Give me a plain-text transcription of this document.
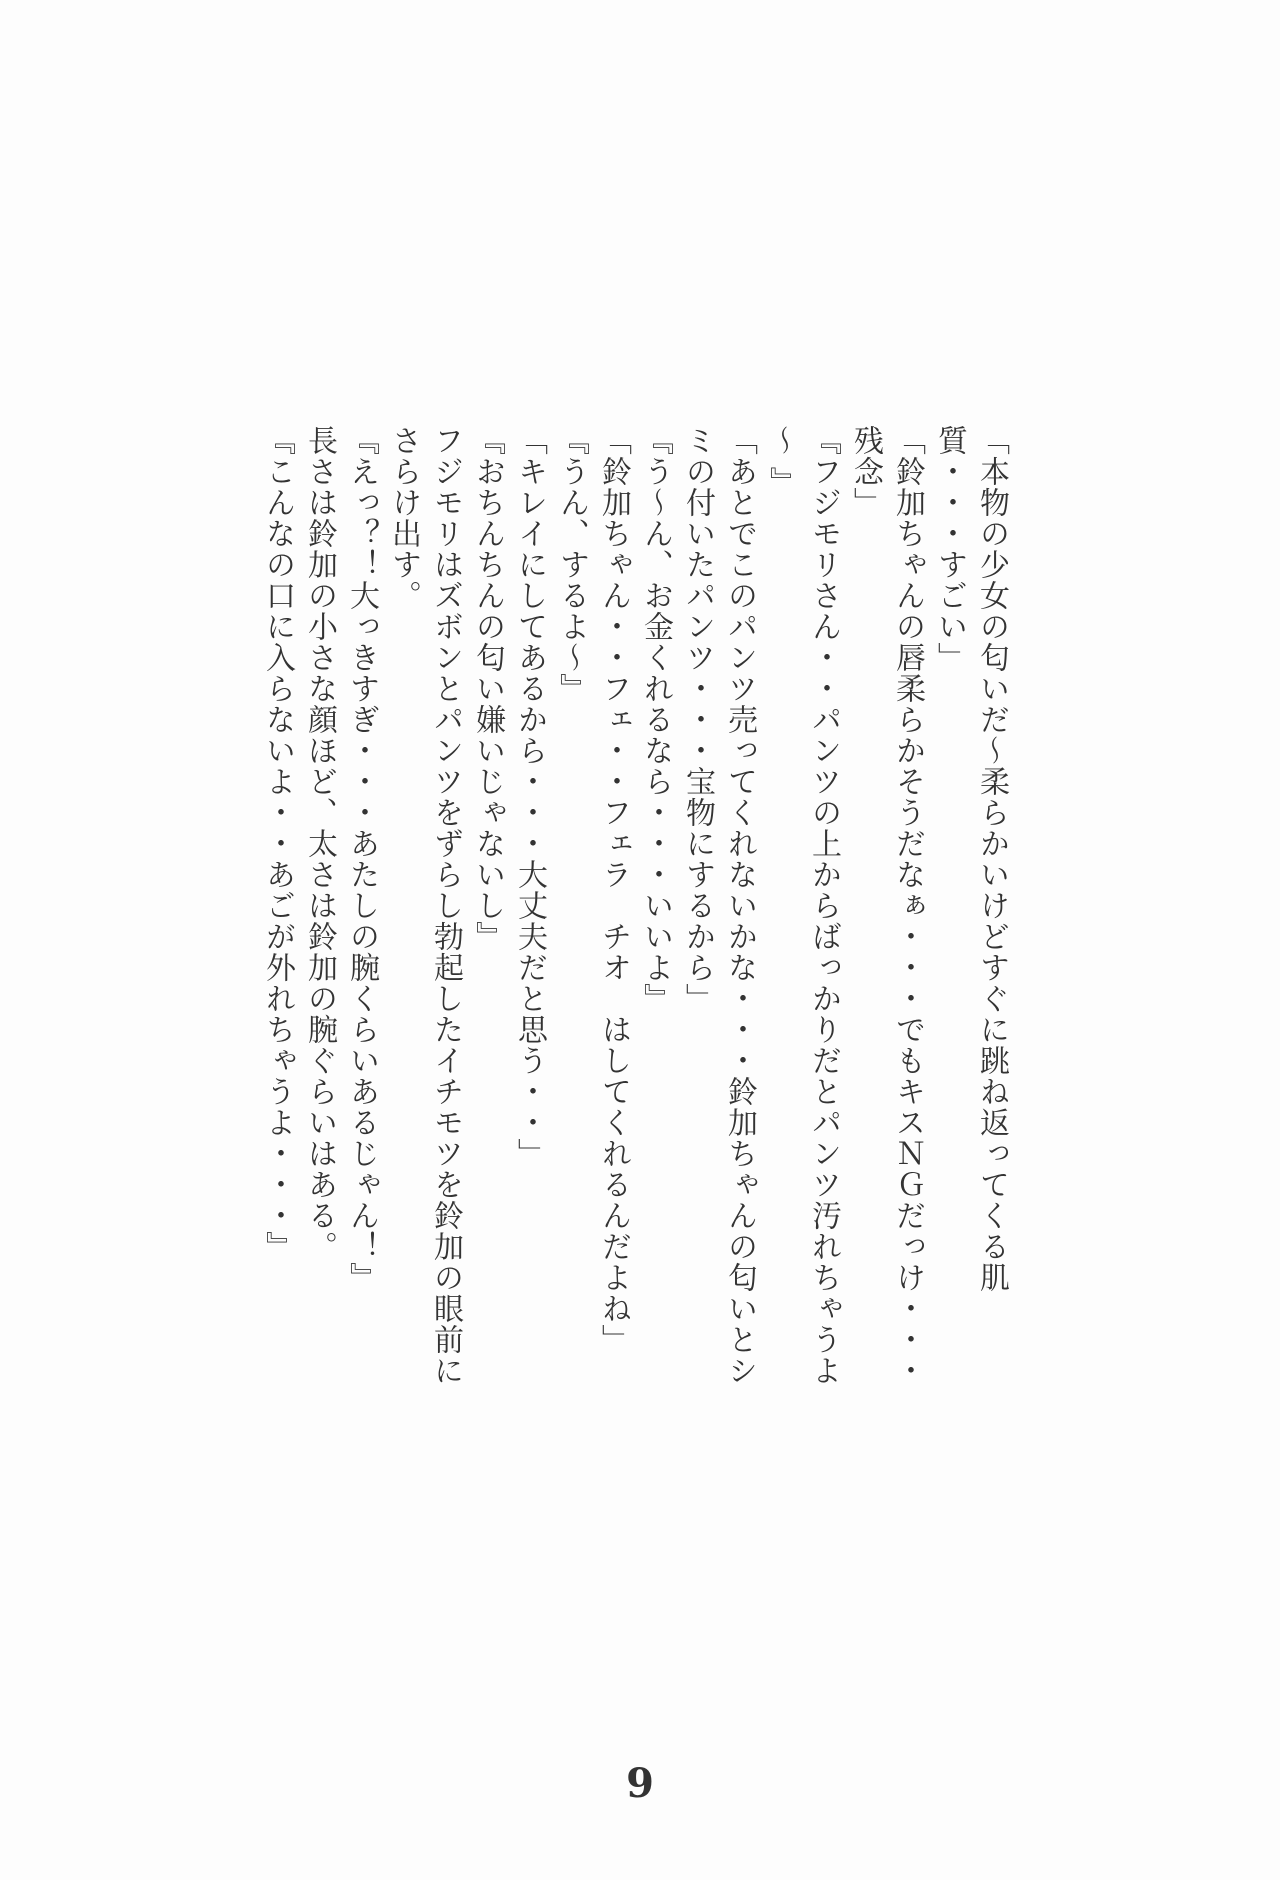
「本物の少女の匂いだ～柔らかいけどすぐに跳ね返ってくる肌質・・・すごい」
「鈴加ちゃんの唇柔らかそうだなぁ・・・でもキスＮＧだっけ・・・残念」
『フジモリさん・・パンツの上からばっかりだとパンツ汚れちゃうよ～ 』
「あとでこのパンツ売ってくれないかな・・・鈴加ちゃんの匂いとシミの付いたパンツ・・・宝物にするから」
『う～ん、お金くれるなら・・・いいよ』
「鈴加ちゃん・・フェ・・フェラ　チオ　はしてくれるんだよね」
『うん、するよ～』
「キレイにしてあるから・・・大丈夫だと思う・・」
『おちんちんの匂い嫌いじゃないし』
フジモリはズボンとパンツをずらし勃起したイチモツを鈴加の眼前にさらけ出す。
『えっ？！大っきすぎ・・・あたしの腕くらいあるじゃん！』
長さは鈴加の小さな顔ほど、太さは鈴加の腕ぐらいはある。
『こんなの口に入らないよ・・あごが外れちゃうよ・・・』
9
